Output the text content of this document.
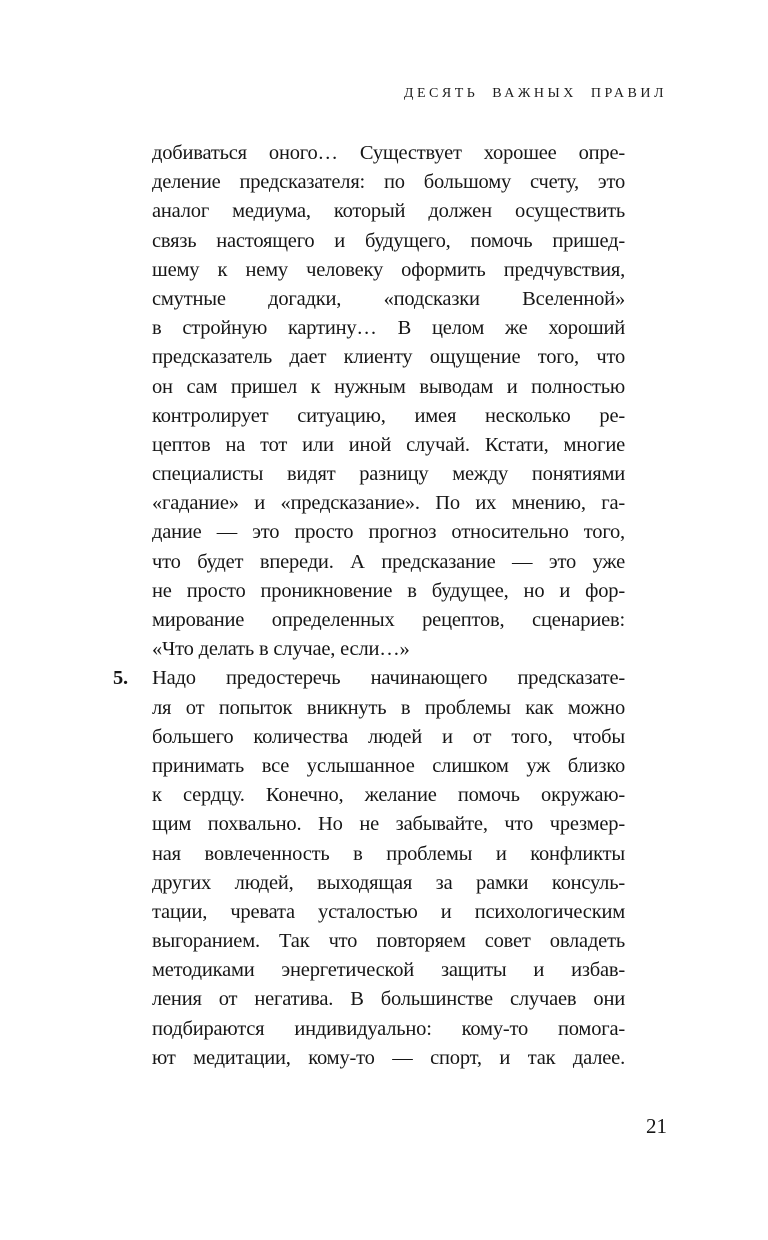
ДЕСЯТЬ ВАЖНЫХ ПРАВИЛ
добиваться оного… Существует хорошее опре-
деление предсказателя: по большому счету, это
аналог медиума, который должен осуществить
связь настоящего и будущего, помочь пришед-
шему к нему человеку оформить предчувствия,
смутные догадки, «подсказки Вселенной»
в стройную картину… В целом же хороший
предсказатель дает клиенту ощущение того, что
он сам пришел к нужным выводам и полностью
контролирует ситуацию, имея несколько ре-
цептов на тот или иной случай. Кстати, многие
специалисты видят разницу между понятиями
«гадание» и «предсказание». По их мнению, га-
дание — это просто прогноз относительно того,
что будет впереди. А предсказание — это уже
не просто проникновение в будущее, но и фор-
мирование определенных рецептов, сценариев:
«Что делать в случае, если…»
5. Надо предостеречь начинающего предсказате-
ля от попыток вникнуть в проблемы как можно
большего количества людей и от того, чтобы
принимать все услышанное слишком уж близко
к сердцу. Конечно, желание помочь окружаю-
щим похвально. Но не забывайте, что чрезмер-
ная вовлеченность в проблемы и конфликты
других людей, выходящая за рамки консуль-
тации, чревата усталостью и психологическим
выгоранием. Так что повторяем совет овладеть
методиками энергетической защиты и избав-
ления от негатива. В большинстве случаев они
подбираются индивидуально: кому-то помога-
ют медитации, кому-то — спорт, и так далее.
21
